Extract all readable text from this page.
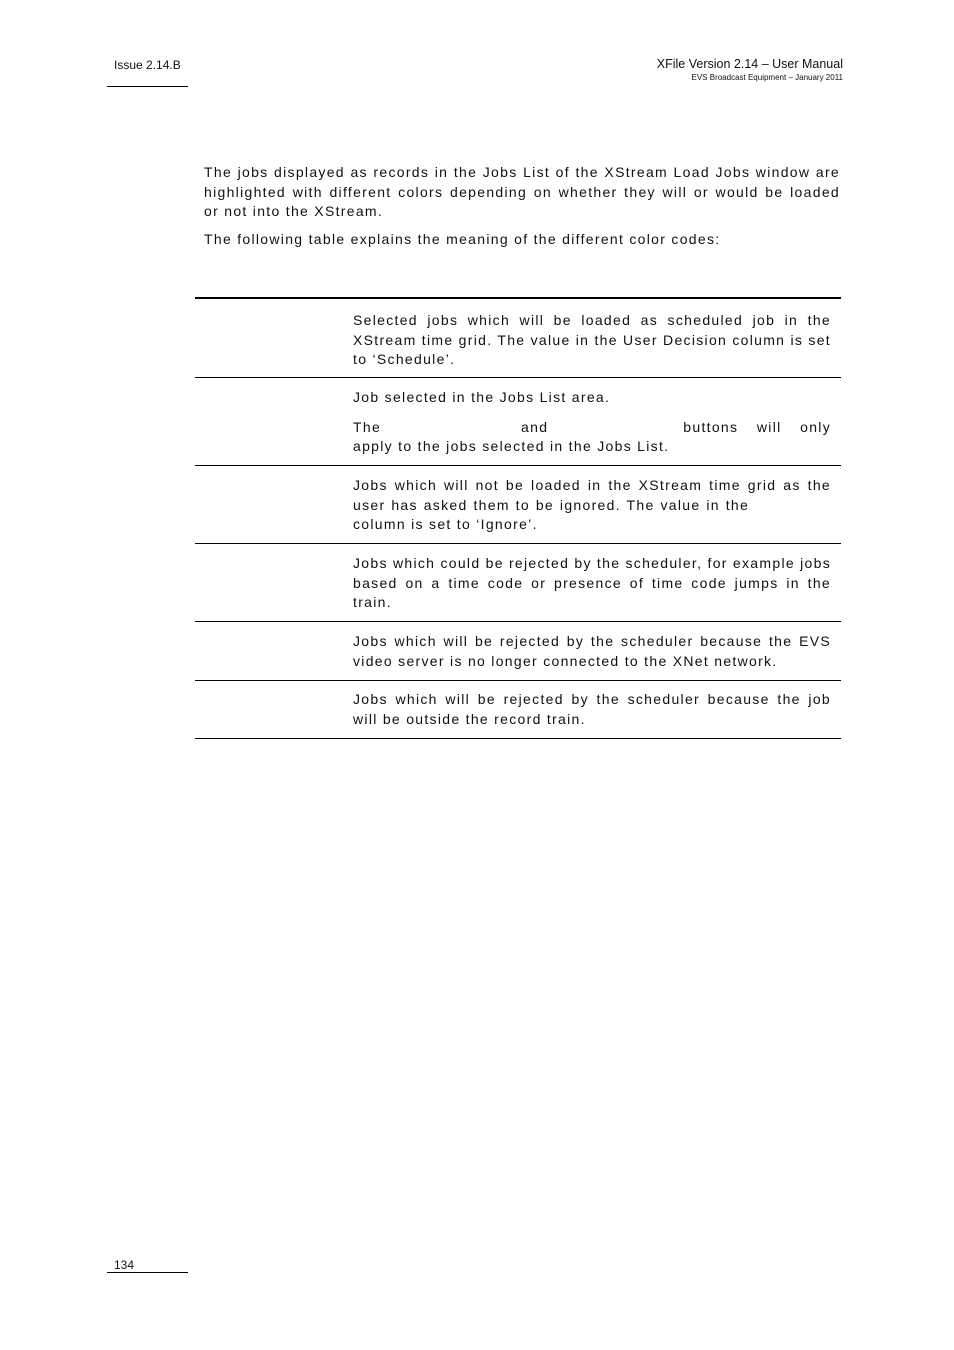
Issue 2.14.B	XFile Version 2.14 – User Manual
EVS Broadcast Equipment – January 2011
The jobs displayed as records in the Jobs List of the XStream Load Jobs window are highlighted with different colors depending on whether they will or would be loaded or not into the XStream.
The following table explains the meaning of the different color codes:

Selected jobs which will be loaded as scheduled job in the XStream time grid. The value in the User Decision column is set to ‘Schedule’.

Job selected in the Jobs List area.

The	and	buttons will only apply to the jobs selected in the Jobs List.

Jobs which will not be loaded in the XStream time grid as the user has asked them to be ignored. The value in the column is set to ‘Ignore’.

Jobs which could be rejected by the scheduler, for example jobs based on a time code or presence of time code jumps in the train.

Jobs which will be rejected by the scheduler because the EVS video server is no longer connected to the XNet network.

Jobs which will be rejected by the scheduler because the job will be outside the record train.

134
